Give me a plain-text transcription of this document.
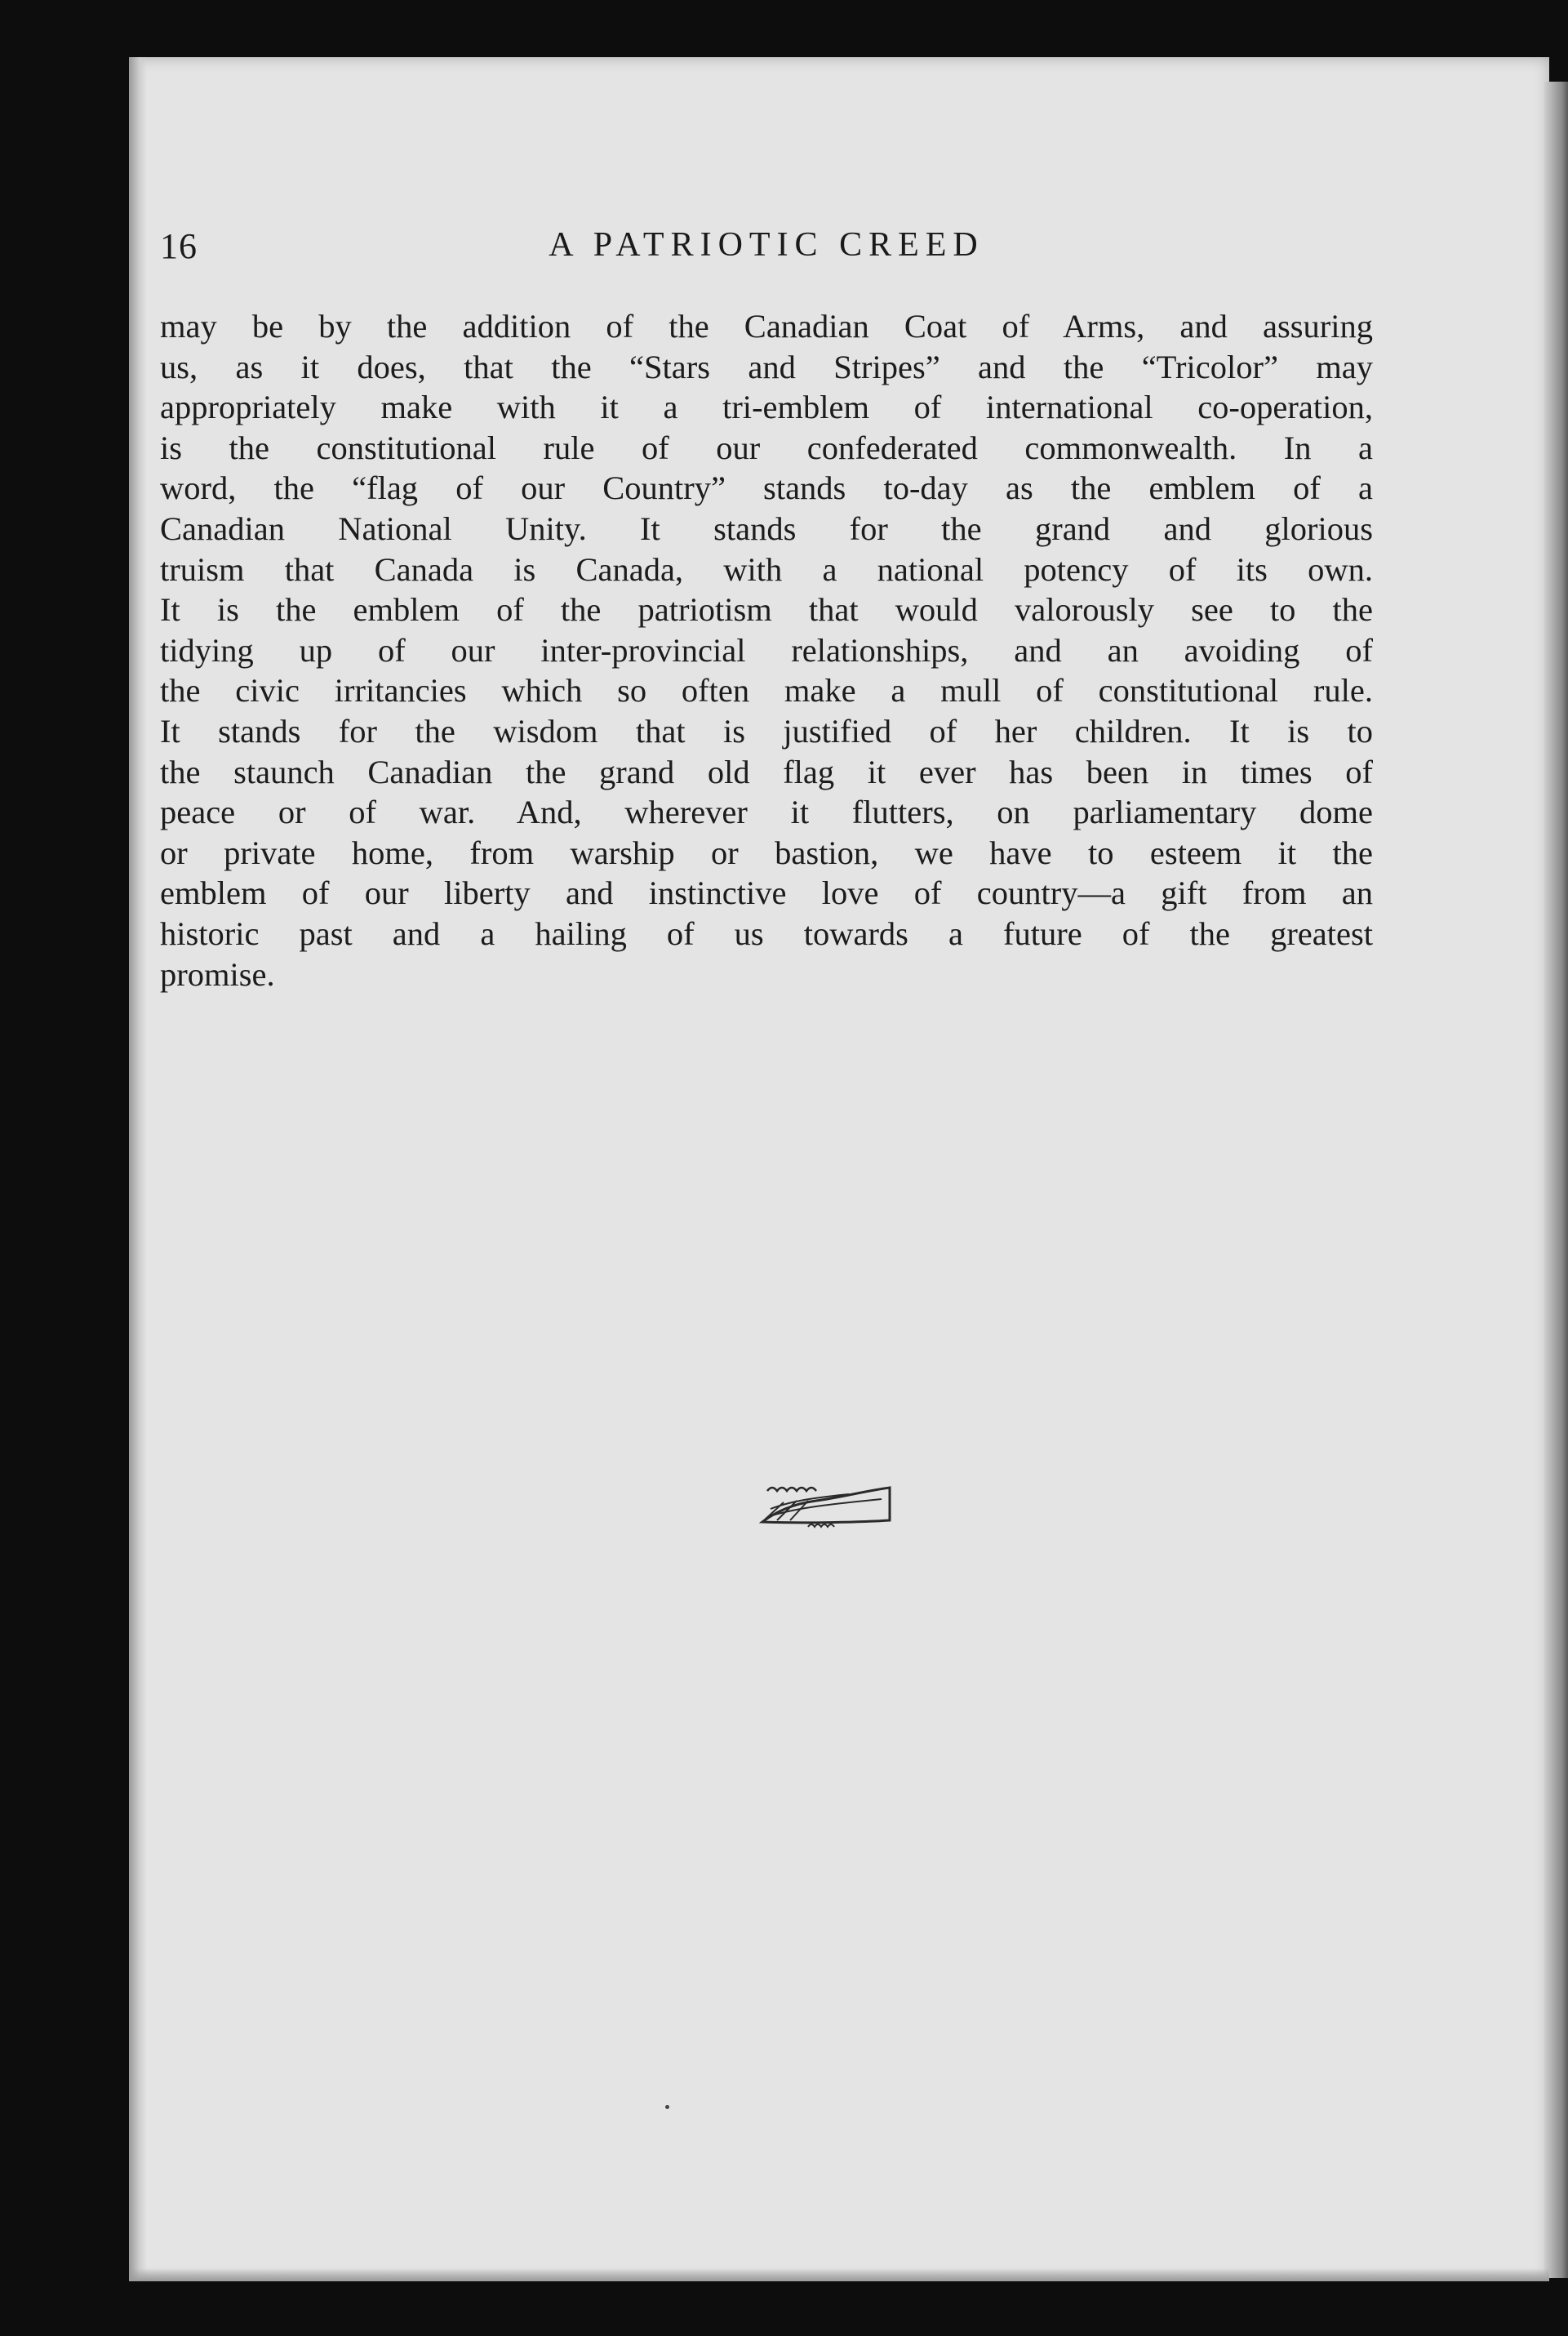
16	A PATRIOTIC CREED

may be by the addition of the Canadian Coat of Arms, and assuring
us, as it does, that the “Stars and Stripes” and the “Tricolor” may
appropriately make with it a tri-emblem of international co-operation,
is the constitutional rule of our confederated commonwealth. In a
word, the “flag of our Country” stands to-day as the emblem of a
Canadian National Unity. It stands for the grand and glorious
truism that Canada is Canada, with a national potency of its own.
It is the emblem of the patriotism that would valorously see to the
tidying up of our inter-provincial relationships, and an avoiding of
the civic irritancies which so often make a mull of constitutional rule.
It stands for the wisdom that is justified of her children. It is to
the staunch Canadian the grand old flag it ever has been in times of
peace or of war. And, wherever it flutters, on parliamentary dome
or private home, from warship or bastion, we have to esteem it the
emblem of our liberty and instinctive love of country—a gift from an
historic past and a hailing of us towards a future of the greatest
promise.
